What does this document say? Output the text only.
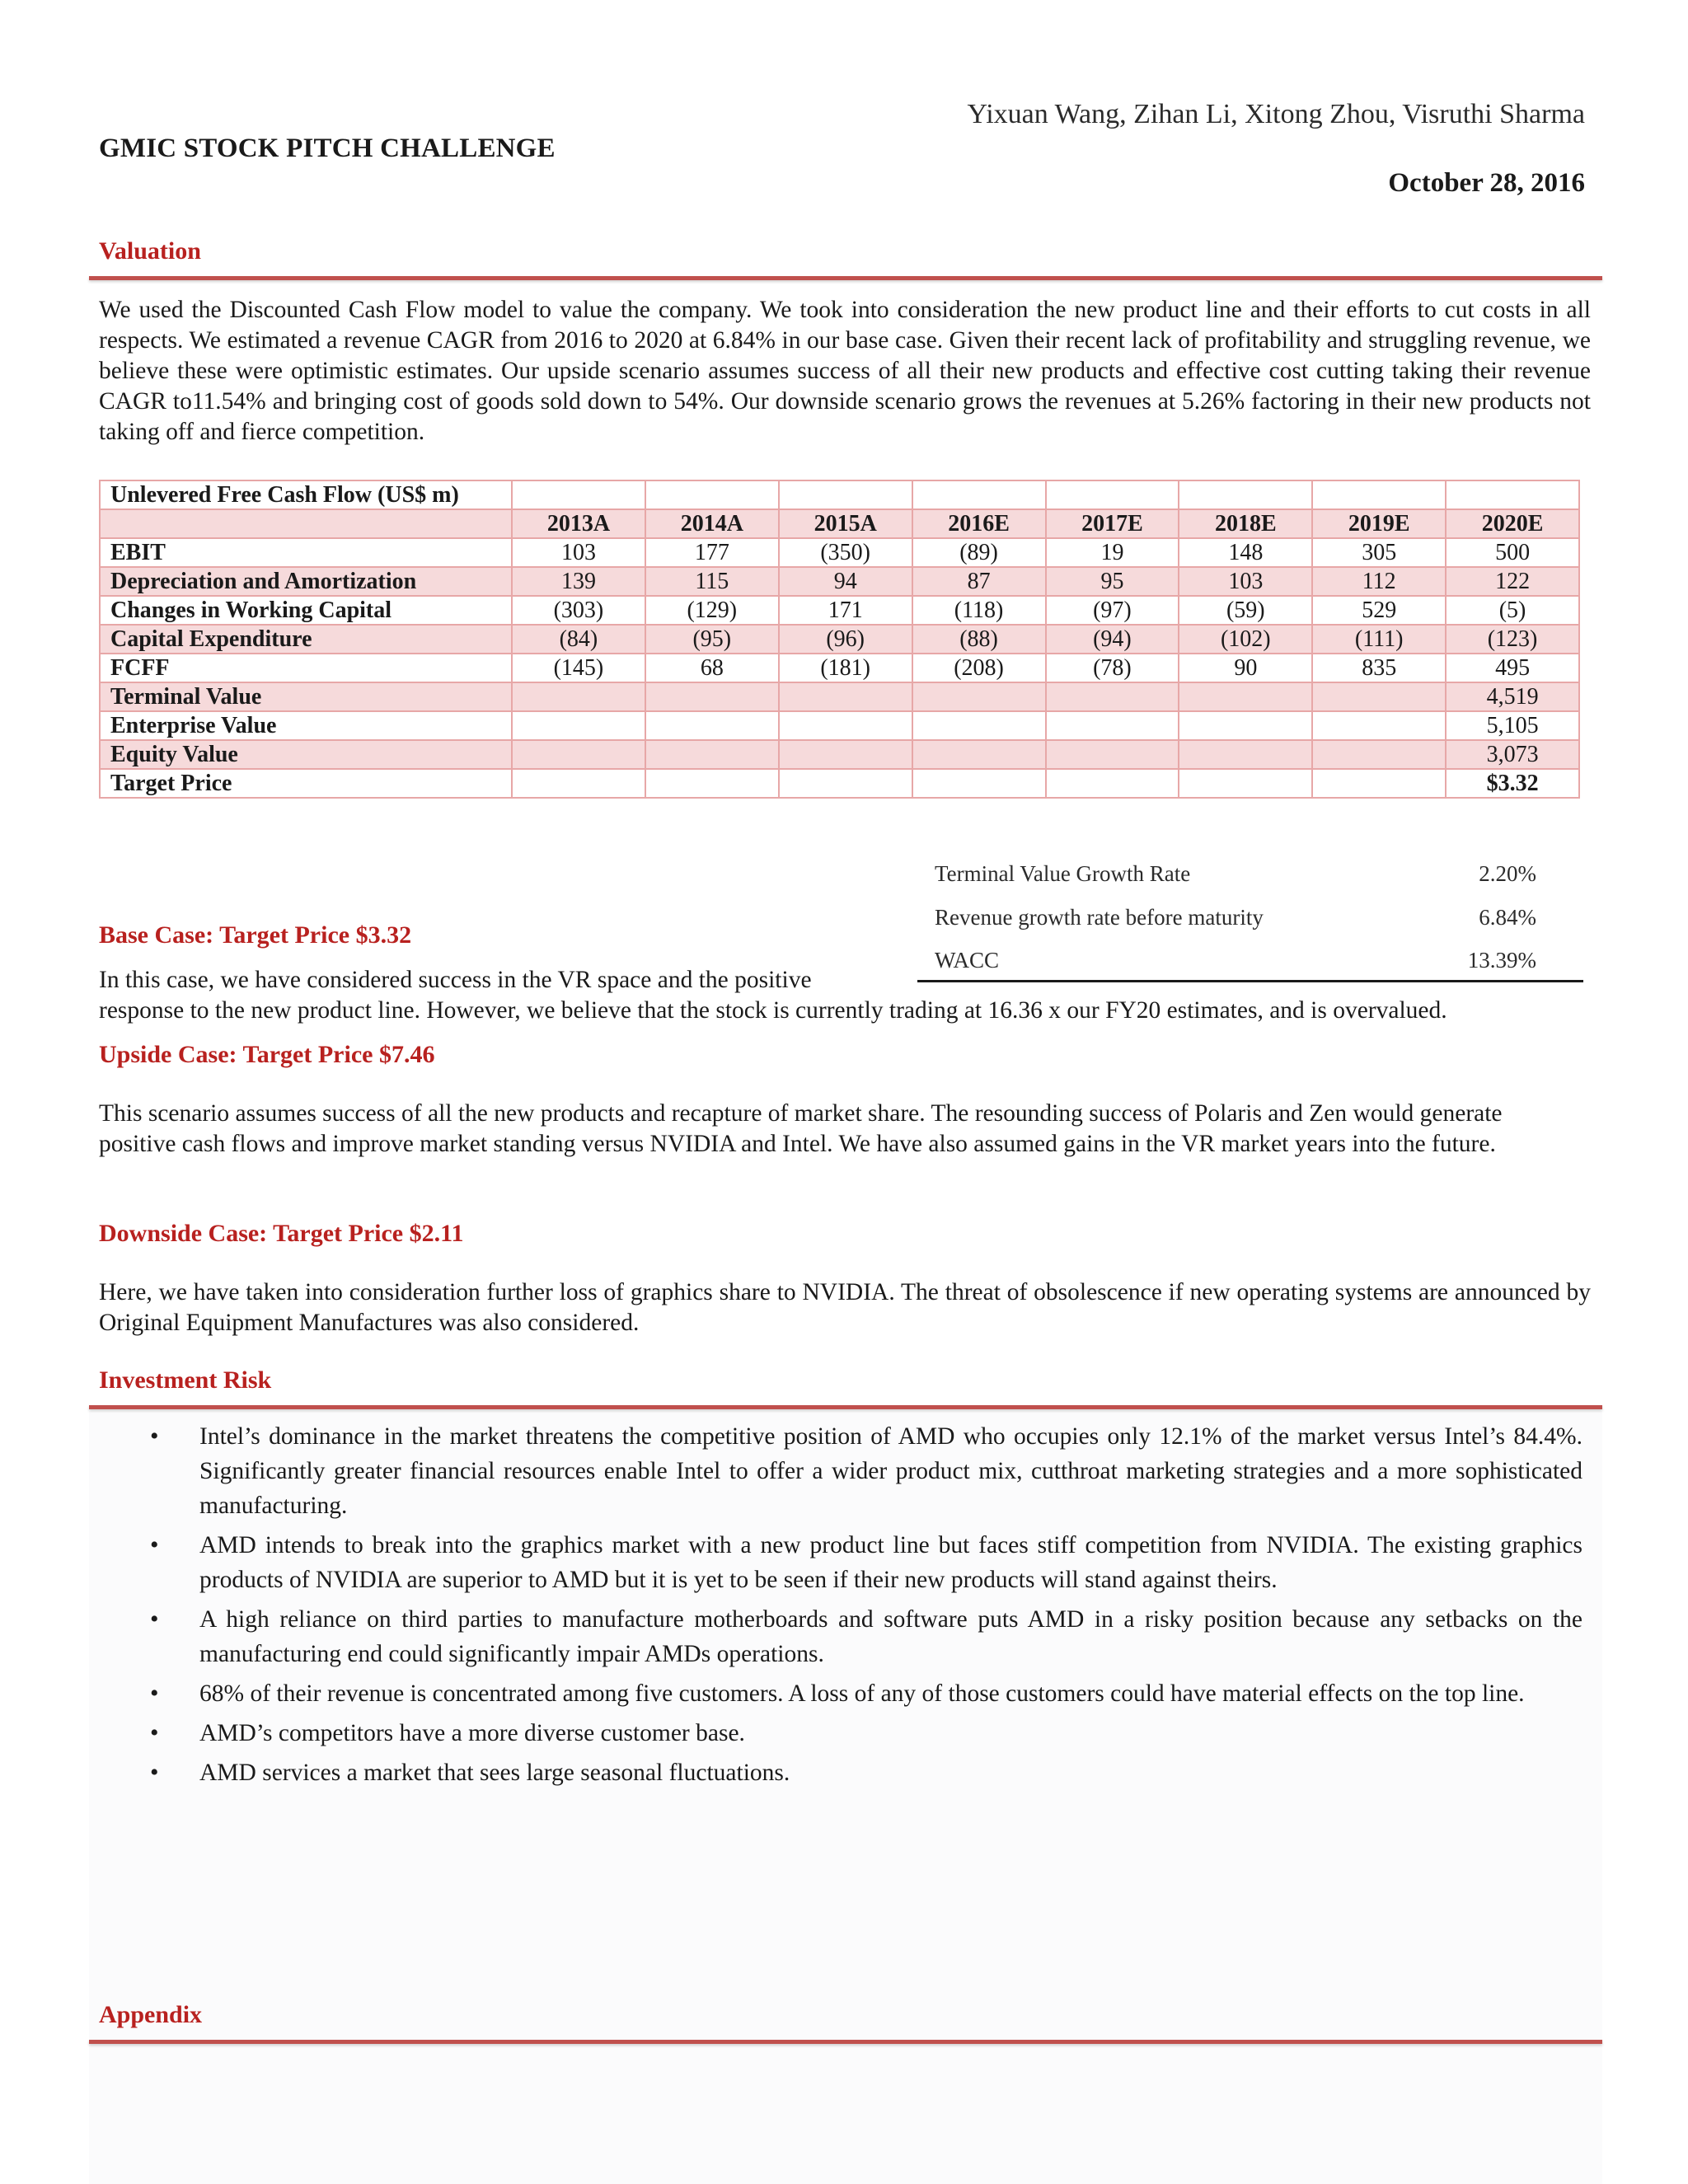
Yixuan Wang, Zihan Li, Xitong Zhou, Visruthi Sharma
GMIC STOCK PITCH CHALLENGE
October 28, 2016
Valuation
We used the Discounted Cash Flow model to value the company. We took into consideration the new product line and their efforts to cut costs in all respects. We estimated a revenue CAGR from 2016 to 2020 at 6.84% in our base case. Given their recent lack of profitability and struggling revenue, we believe these were optimistic estimates. Our upside scenario assumes success of all their new products and effective cost cutting taking their revenue CAGR to11.54% and bringing cost of goods sold down to 54%. Our downside scenario grows the revenues at 5.26% factoring in their new products not taking off and fierce competition.
Unlevered Free Cash Flow (US$ m)								
	2013A	2014A	2015A	2016E	2017E	2018E	2019E	2020E
EBIT	103	177	(350)	(89)	19	148	305	500
Depreciation and Amortization	139	115	94	87	95	103	112	122
Changes in Working Capital	(303)	(129)	171	(118)	(97)	(59)	529	(5)
Capital Expenditure	(84)	(95)	(96)	(88)	(94)	(102)	(111)	(123)
FCFF	(145)	68	(181)	(208)	(78)	90	835	495
Terminal Value								4,519
Enterprise Value								5,105
Equity Value								3,073
Target Price								$3.32
Terminal Value Growth Rate	2.20%
Revenue growth rate before maturity	6.84%
WACC	13.39%
Base Case: Target Price $3.32
In this case, we have considered success in the VR space and the positive
response to the new product line. However, we believe that the stock is currently trading at 16.36 x our FY20 estimates, and is overvalued.
Upside Case: Target Price $7.46
This scenario assumes success of all the new products and recapture of market share. The resounding success of Polaris and Zen would generate positive cash flows and improve market standing versus NVIDIA and Intel. We have also assumed gains in the VR market years into the future.
Downside Case: Target Price $2.11
Here, we have taken into consideration further loss of graphics share to NVIDIA. The threat of obsolescence if new operating systems are announced by Original Equipment Manufactures was also considered.
Investment Risk
• Intel’s dominance in the market threatens the competitive position of AMD who occupies only 12.1% of the market versus Intel’s 84.4%. Significantly greater financial resources enable Intel to offer a wider product mix, cutthroat marketing strategies and a more sophisticated manufacturing.
• AMD intends to break into the graphics market with a new product line but faces stiff competition from NVIDIA. The existing graphics products of NVIDIA are superior to AMD but it is yet to be seen if their new products will stand against theirs.
• A high reliance on third parties to manufacture motherboards and software puts AMD in a risky position because any setbacks on the manufacturing end could significantly impair AMDs operations.
• 68% of their revenue is concentrated among five customers. A loss of any of those customers could have material effects on the top line.
• AMD’s competitors have a more diverse customer base.
• AMD services a market that sees large seasonal fluctuations.
Appendix
